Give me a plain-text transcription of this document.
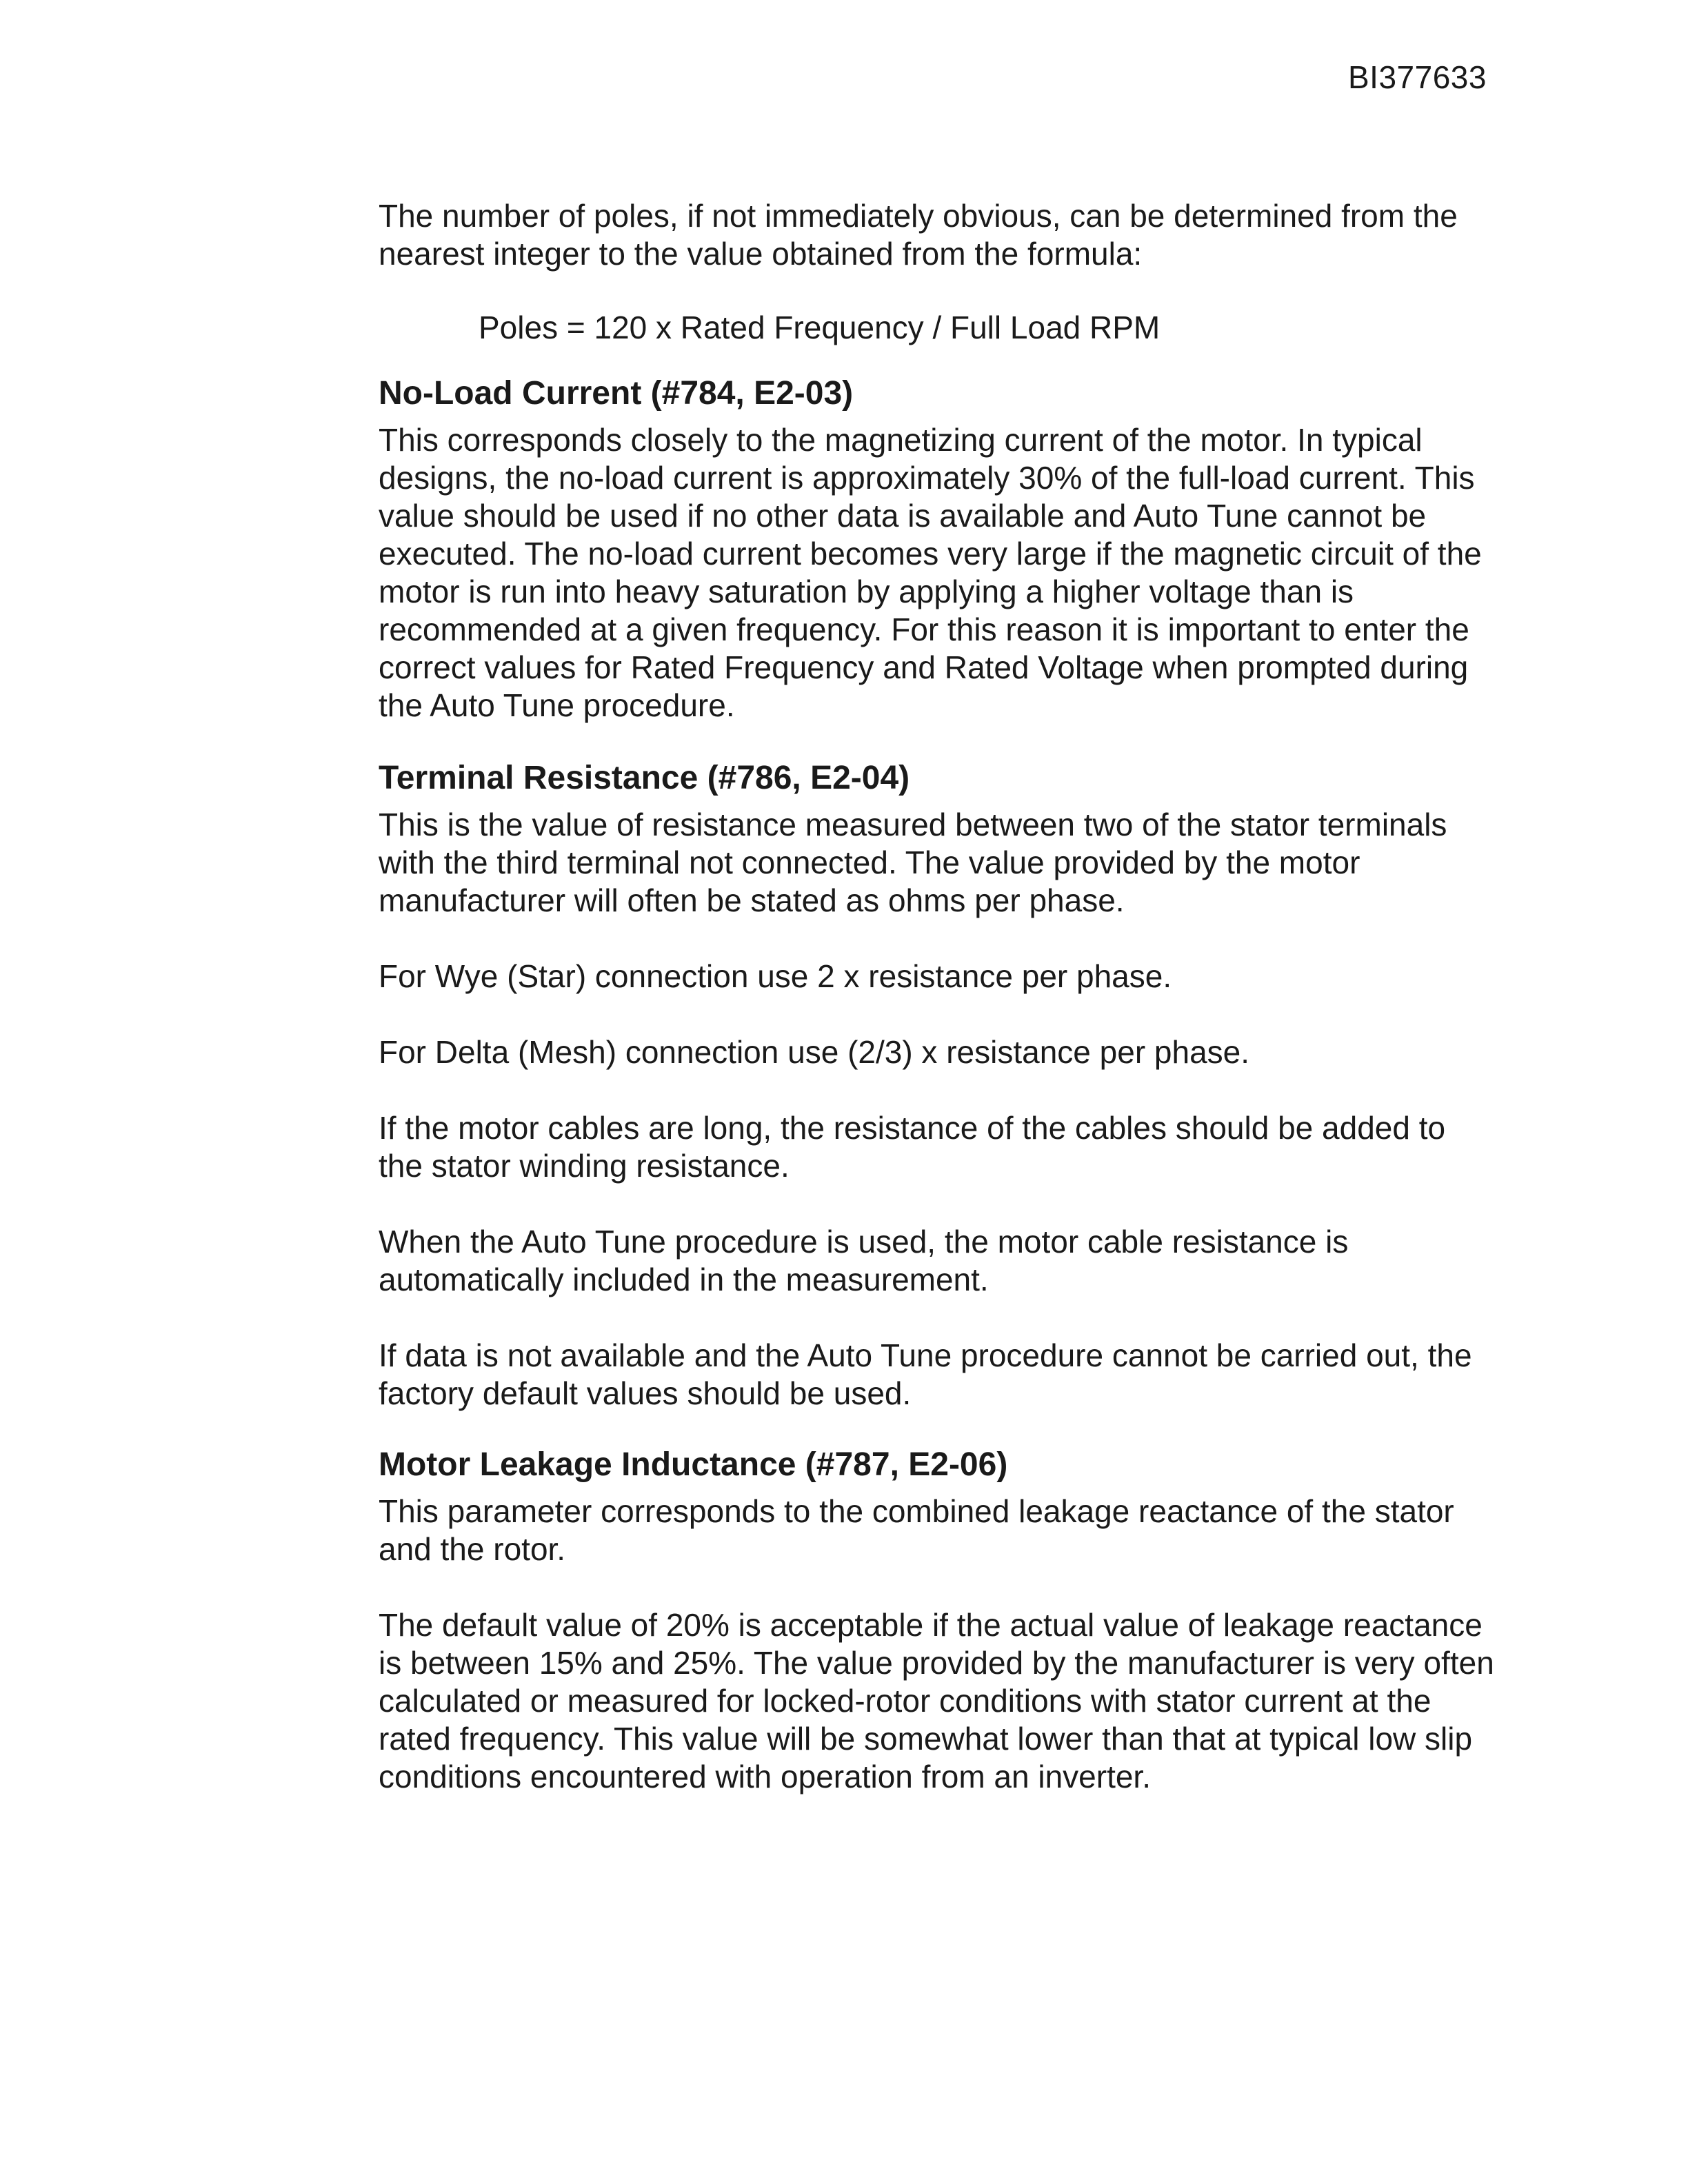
BI377633

The number of poles, if not immediately obvious, can be determined from the nearest integer to the value obtained from the formula:

Poles = 120 x Rated Frequency / Full Load RPM

No-Load Current (#784, E2-03)

This corresponds closely to the magnetizing current of the motor. In typical designs, the no-load current is approximately 30% of the full-load current. This value should be used if no other data is available and Auto Tune cannot be executed. The no-load current becomes very large if the magnetic circuit of the motor is run into heavy saturation by applying a higher voltage than is recommended at a given frequency. For this reason it is important to enter the correct values for Rated Frequency and Rated Voltage when prompted during the Auto Tune procedure.

Terminal Resistance (#786, E2-04)

This is the value of resistance measured between two of the stator terminals with the third terminal not connected. The value provided by the motor manufacturer will often be stated as ohms per phase.

For Wye (Star) connection use 2 x resistance per phase.

For Delta (Mesh) connection use (2/3) x resistance per phase.

If the motor cables are long, the resistance of the cables should be added to the stator winding resistance.

When the Auto Tune procedure is used, the motor cable resistance is automatically included in the measurement.

If data is not available and the Auto Tune procedure cannot be carried out, the factory default values should be used.

Motor Leakage Inductance (#787, E2-06)

This parameter corresponds to the combined leakage reactance of the stator and the rotor.

The default value of 20% is acceptable if the actual value of leakage reactance is between 15% and 25%. The value provided by the manufacturer is very often calculated or measured for locked-rotor conditions with stator current at the rated frequency. This value will be somewhat lower than that at typical low slip conditions encountered with operation from an inverter.
